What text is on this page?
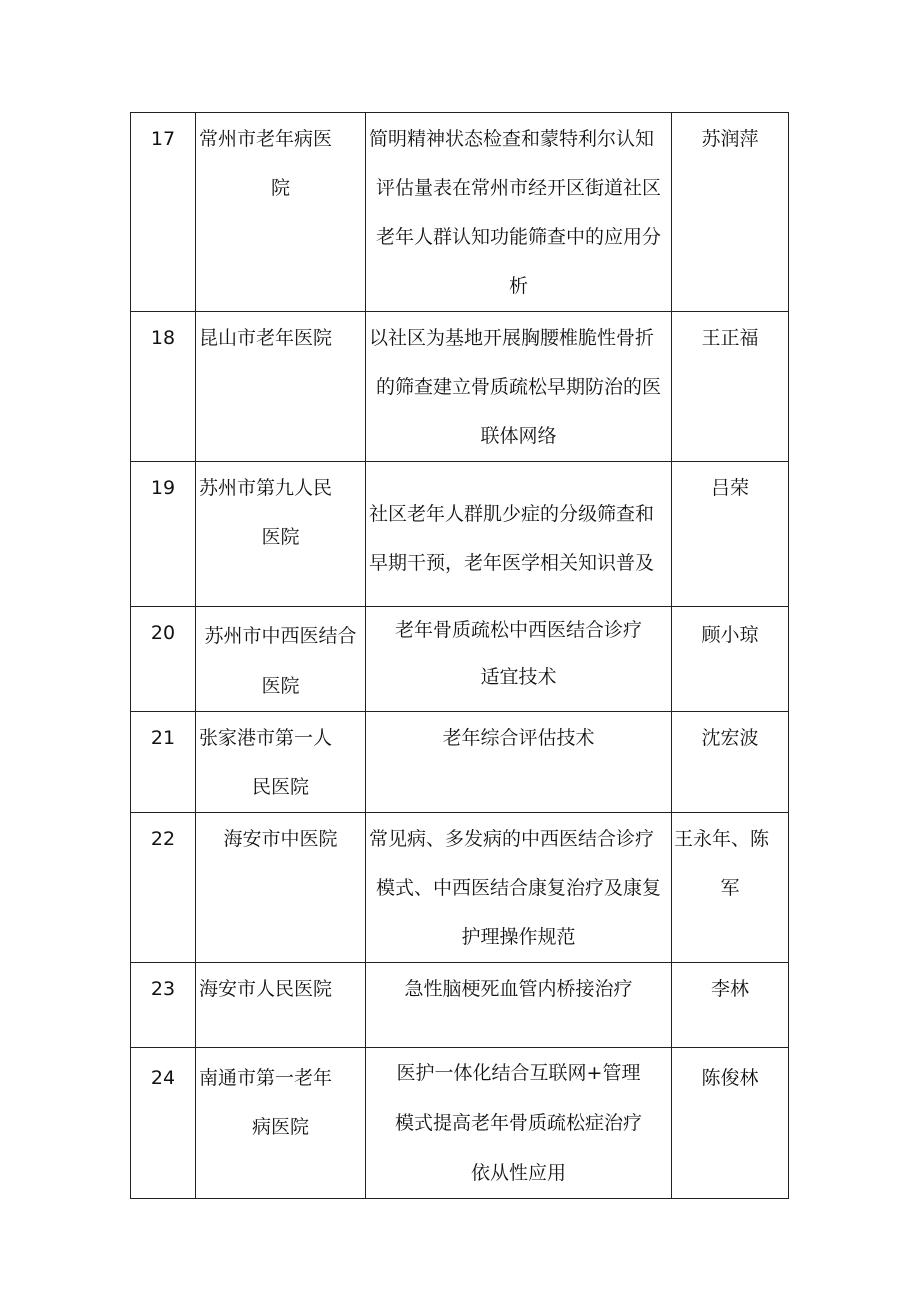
17	常州市老年病医
院	简明精神状态检查和蒙特利尔认知
评估量表在常州市经开区街道社区
老年人群认知功能筛查中的应用分
析	苏润萍
18	昆山市老年医院	以社区为基地开展胸腰椎脆性骨折
的筛查建立骨质疏松早期防治的医
联体网络	王正福
19	苏州市第九人民
医院	社区老年人群肌少症的分级筛查和
早期干预，老年医学相关知识普及	吕荣
20	苏州市中西医结合
医院	老年骨质疏松中西医结合诊疗
适宜技术	顾小琼
21	张家港市第一人
民医院	老年综合评估技术	沈宏波
22	海安市中医院	常见病、多发病的中西医结合诊疗
模式、中西医结合康复治疗及康复
护理操作规范	王永年、陈
军

23	海安市人民医院	急性脑梗死血管内桥接治疗	李林
24	南通市第一老年
病医院	医护一体化结合互联网+管理
模式提高老年骨质疏松症治疗
依从性应用	陈俊林
